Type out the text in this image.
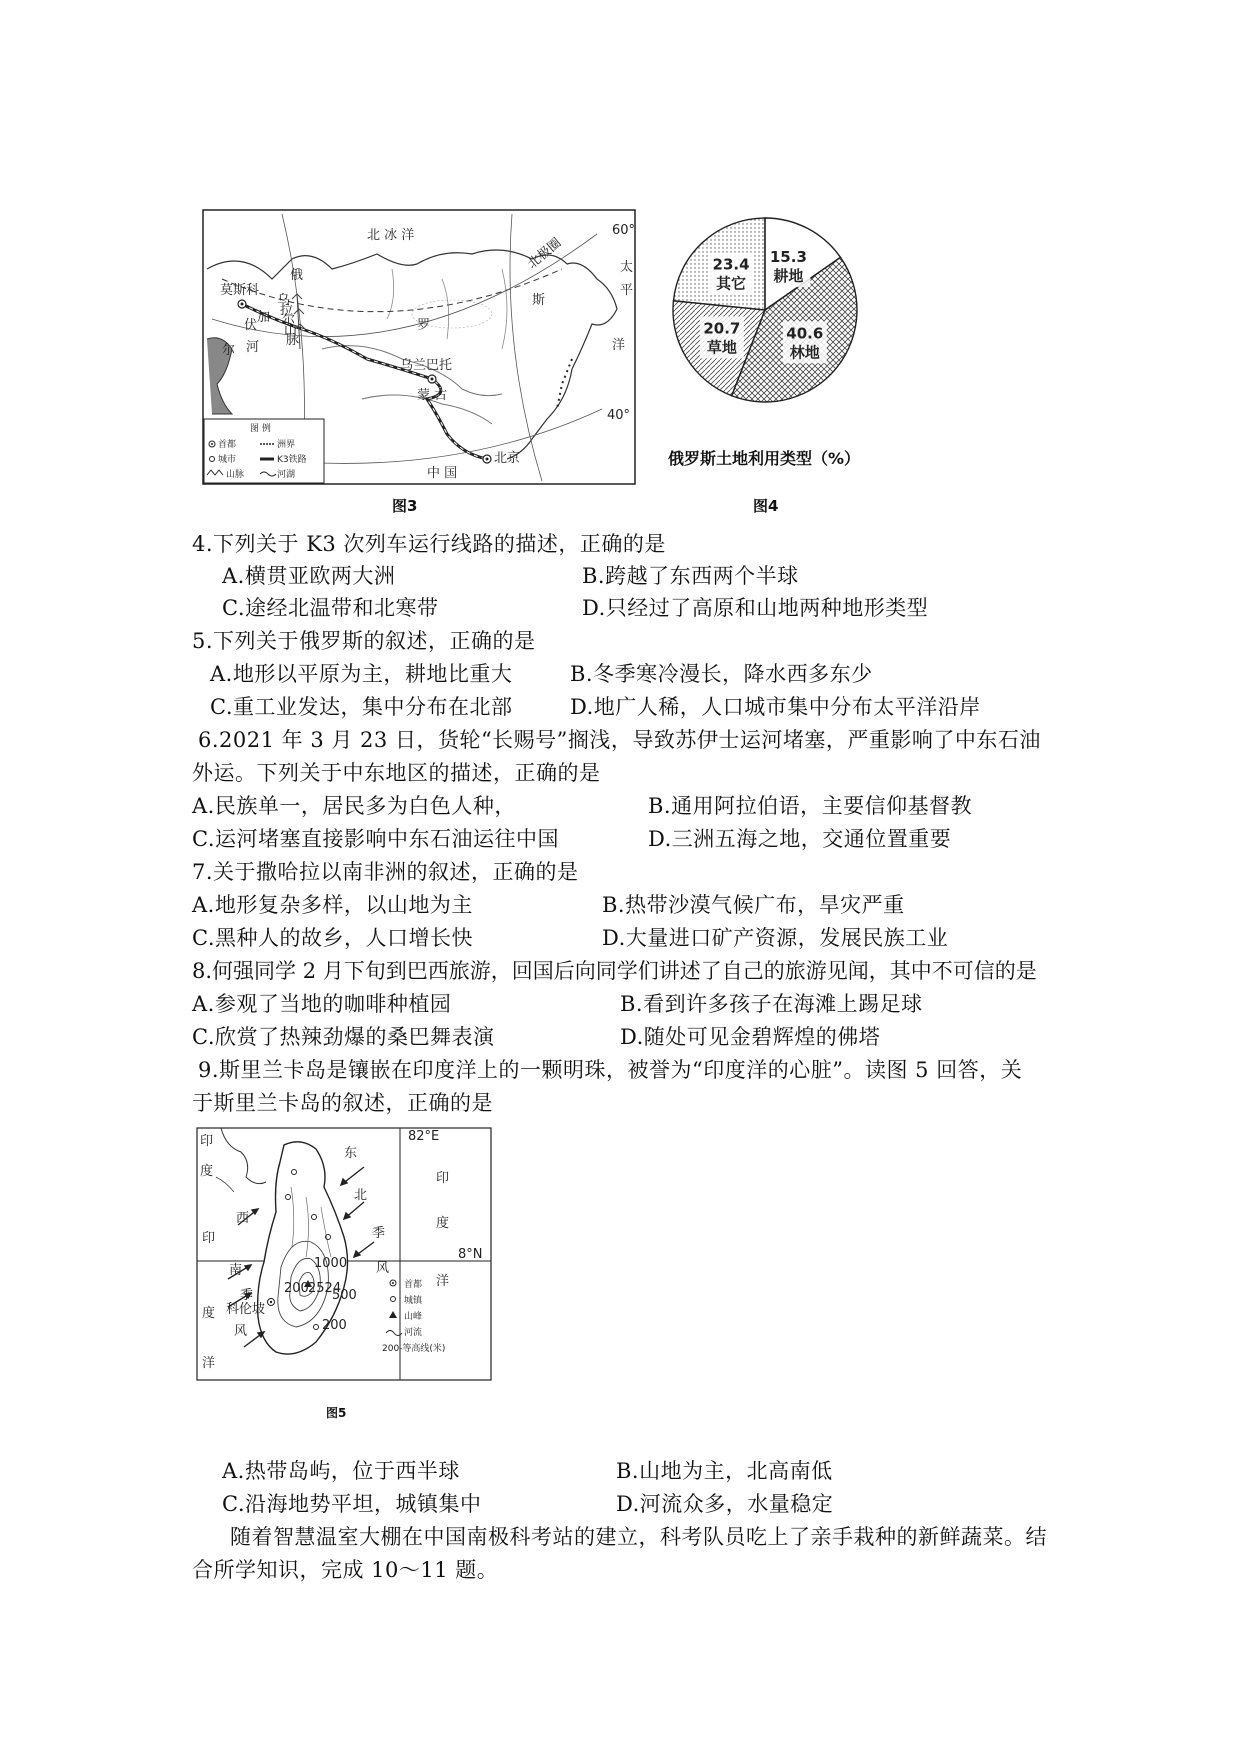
北 冰 洋	北极圈
60°
莫斯科
俄
斯
罗
太
平
洋
40°
乌兰巴托
蒙 古
北京
中 国
乌
拉
尔
山
脉
伏
河
加
尔
图 例
首都	洲界
城市	K3铁路
山脉	河湖
图3
15.3
耕地
40.6
林地
20.7
草地
23.4
其它
俄罗斯土地利用类型（%）
图4
4.下列关于 K3 次列车运行线路的描述，正确的是
A.横贯亚欧两大洲	B.跨越了东西两个半球
C.途经北温带和北寒带	D.只经过了高原和山地两种地形类型
5.下列关于俄罗斯的叙述，正确的是
A.地形以平原为主，耕地比重大	B.冬季寒冷漫长，降水西多东少
C.重工业发达，集中分布在北部	D.地广人稀，人口城市集中分布太平洋沿岸
6.2021 年 3 月 23 日，货轮“长赐号”搁浅，导致苏伊士运河堵塞，严重影响了中东石油
外运。下列关于中东地区的描述，正确的是
A.民族单一，居民多为白色人种，	B.通用阿拉伯语，主要信仰基督教
C.运河堵塞直接影响中东石油运往中国	D.三洲五海之地，交通位置重要
7.关于撒哈拉以南非洲的叙述，正确的是
A.地形复杂多样，以山地为主	B.热带沙漠气候广布，旱灾严重
C.黑种人的故乡，人口增长快	D.大量进口矿产资源，发展民族工业
8.何强同学 2 月下旬到巴西旅游，回国后向同学们讲述了自己的旅游见闻，其中不可信的是
A.参观了当地的咖啡种植园	B.看到许多孩子在海滩上踢足球
C.欣赏了热辣劲爆的桑巴舞表演	D.随处可见金碧辉煌的佛塔
9.斯里兰卡岛是镶嵌在印度洋上的一颗明珠，被誉为“印度洋的心脏”。读图 5 回答，关
于斯里兰卡岛的叙述，正确的是
82°E
8°N
印
度
印
度
洋
印
度
洋
东
北
季
风
西
南
季
风
科伦坡
2524
1000
200
200
500
首都
城镇
山峰
河流
200-等高线(米)
图5
A.热带岛屿，位于西半球	B.山地为主，北高南低
C.沿海地势平坦，城镇集中	D.河流众多，水量稳定
随着智慧温室大棚在中国南极科考站的建立，科考队员吃上了亲手栽种的新鲜蔬菜。结
合所学知识，完成 10～11 题。
